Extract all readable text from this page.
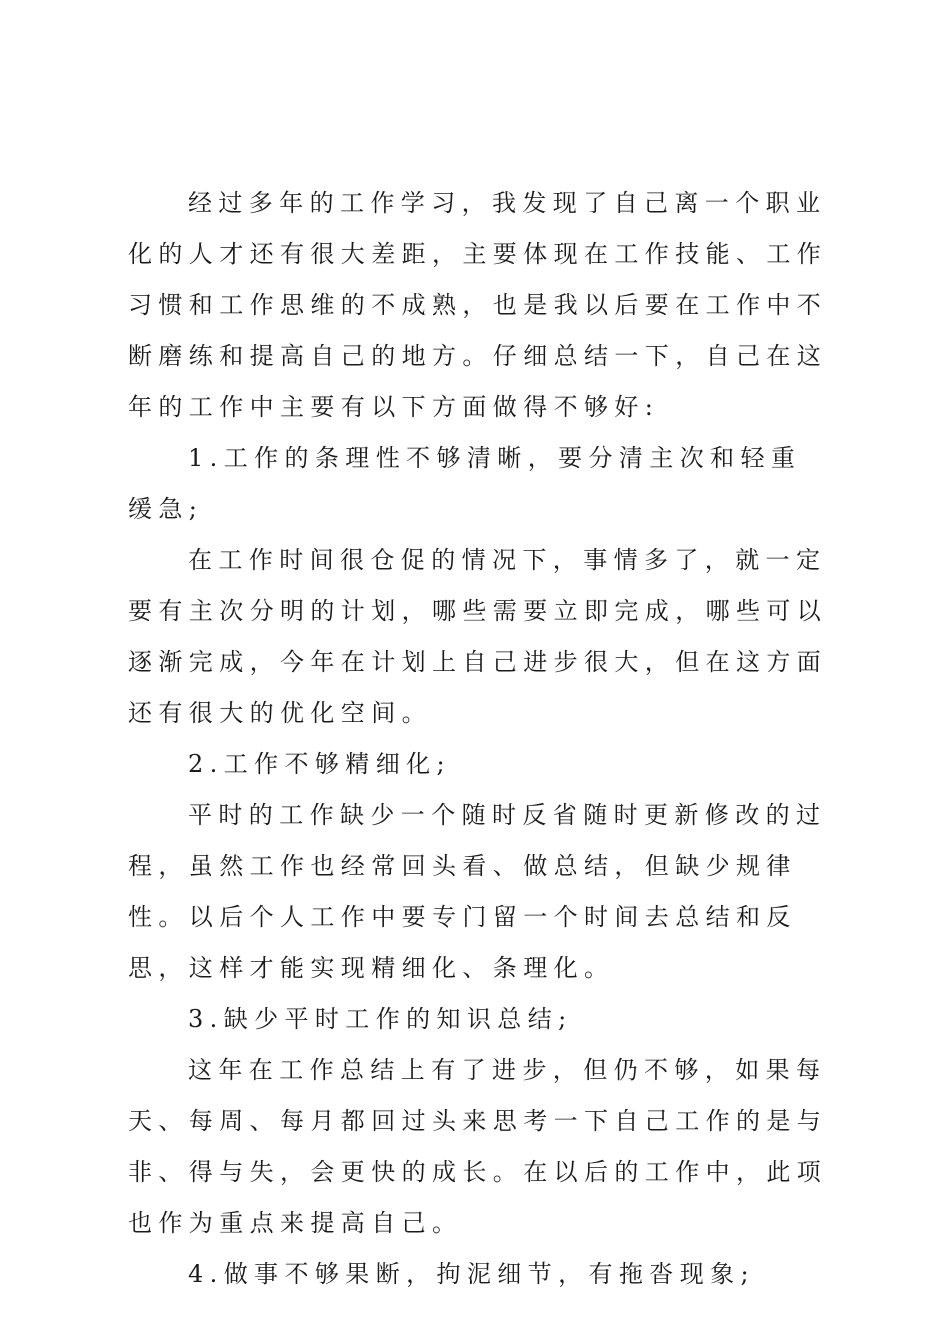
经过多年的工作学习，我发现了自己离一个职业化的人才还有很大差距，主要体现在工作技能、工作习惯和工作思维的不成熟，也是我以后要在工作中不断磨练和提高自己的地方。仔细总结一下，自己在这年的工作中主要有以下方面做得不够好:

1.工作的条理性不够清晰，要分清主次和轻重缓急;

在工作时间很仓促的情况下，事情多了，就一定要有主次分明的计划，哪些需要立即完成，哪些可以逐渐完成，今年在计划上自己进步很大，但在这方面还有很大的优化空间。

2.工作不够精细化;

平时的工作缺少一个随时反省随时更新修改的过程，虽然工作也经常回头看、做总结，但缺少规律性。以后个人工作中要专门留一个时间去总结和反思，这样才能实现精细化、条理化。

3.缺少平时工作的知识总结;

这年在工作总结上有了进步，但仍不够，如果每天、每周、每月都回过头来思考一下自己工作的是与非、得与失，会更快的成长。在以后的工作中，此项也作为重点来提高自己。

4.做事不够果断，拘泥细节，有拖沓现象;
